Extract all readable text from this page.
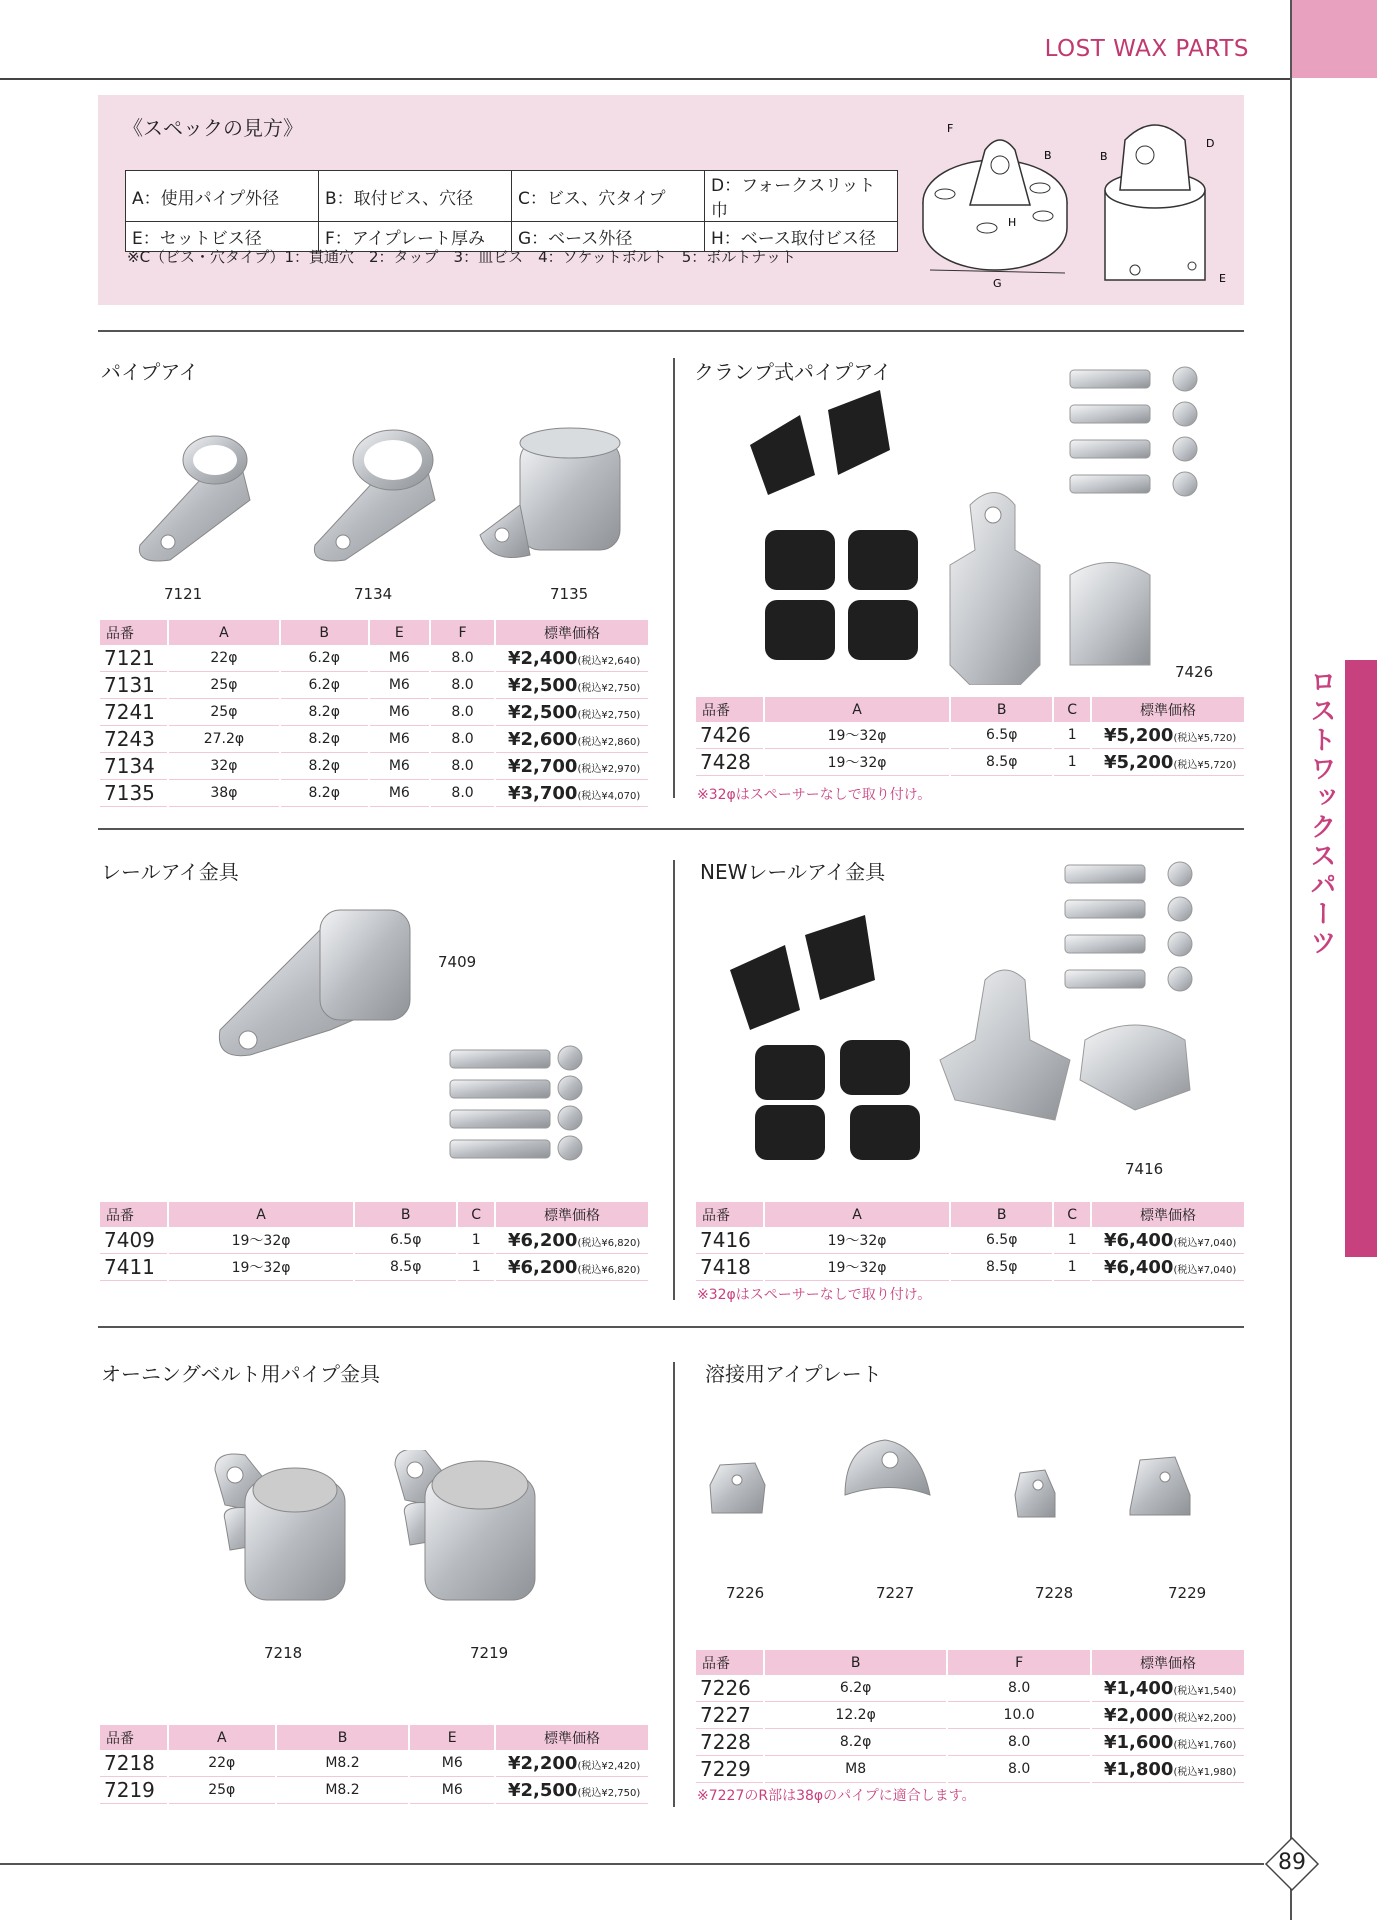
LOST WAX PARTS
ロストワックスパーツ
《スペックの見方》
A：使用パイプ外径	B：取付ビス、穴径	C：ビス、穴タイプ	D：フォークスリット巾
E：セットビス径	F：アイプレート厚み	G：ベース外径	H：ベース取付ビス径
※C（ビス・穴タイプ）1：貫通穴　2：タップ　3：皿ビス　4：ソケットボルト　5：ボルトナット
F
B
H
G
B
D
E
パイプアイ
7121	7134	7135
品番	A	B	E	F	標準価格
7121	22φ	6.2φ	M6	8.0	¥2,400(税込¥2,640)
7131	25φ	6.2φ	M6	8.0	¥2,500(税込¥2,750)
7241	25φ	8.2φ	M6	8.0	¥2,500(税込¥2,750)
7243	27.2φ	8.2φ	M6	8.0	¥2,600(税込¥2,860)
7134	32φ	8.2φ	M6	8.0	¥2,700(税込¥2,970)
7135	38φ	8.2φ	M6	8.0	¥3,700(税込¥4,070)
クランプ式パイプアイ
7426
品番	A	B	C	標準価格
7426	19〜32φ	6.5φ	1	¥5,200(税込¥5,720)
7428	19〜32φ	8.5φ	1	¥5,200(税込¥5,720)
※32φはスペーサーなしで取り付け。
レールアイ金具
7409
品番	A	B	C	標準価格
7409	19〜32φ	6.5φ	1	¥6,200(税込¥6,820)
7411	19〜32φ	8.5φ	1	¥6,200(税込¥6,820)
NEWレールアイ金具
7416
品番	A	B	C	標準価格
7416	19〜32φ	6.5φ	1	¥6,400(税込¥7,040)
7418	19〜32φ	8.5φ	1	¥6,400(税込¥7,040)
※32φはスペーサーなしで取り付け。
オーニングベルト用パイプ金具
7218	7219
品番	A	B	E	標準価格
7218	22φ	M8.2	M6	¥2,200(税込¥2,420)
7219	25φ	M8.2	M6	¥2,500(税込¥2,750)
溶接用アイプレート
7226	7227	7228	7229
品番	B	F	標準価格
7226	6.2φ	8.0	¥1,400(税込¥1,540)
7227	12.2φ	10.0	¥2,000(税込¥2,200)
7228	8.2φ	8.0	¥1,600(税込¥1,760)
7229	M8	8.0	¥1,800(税込¥1,980)
※7227のR部は38φのパイプに適合します。
89
